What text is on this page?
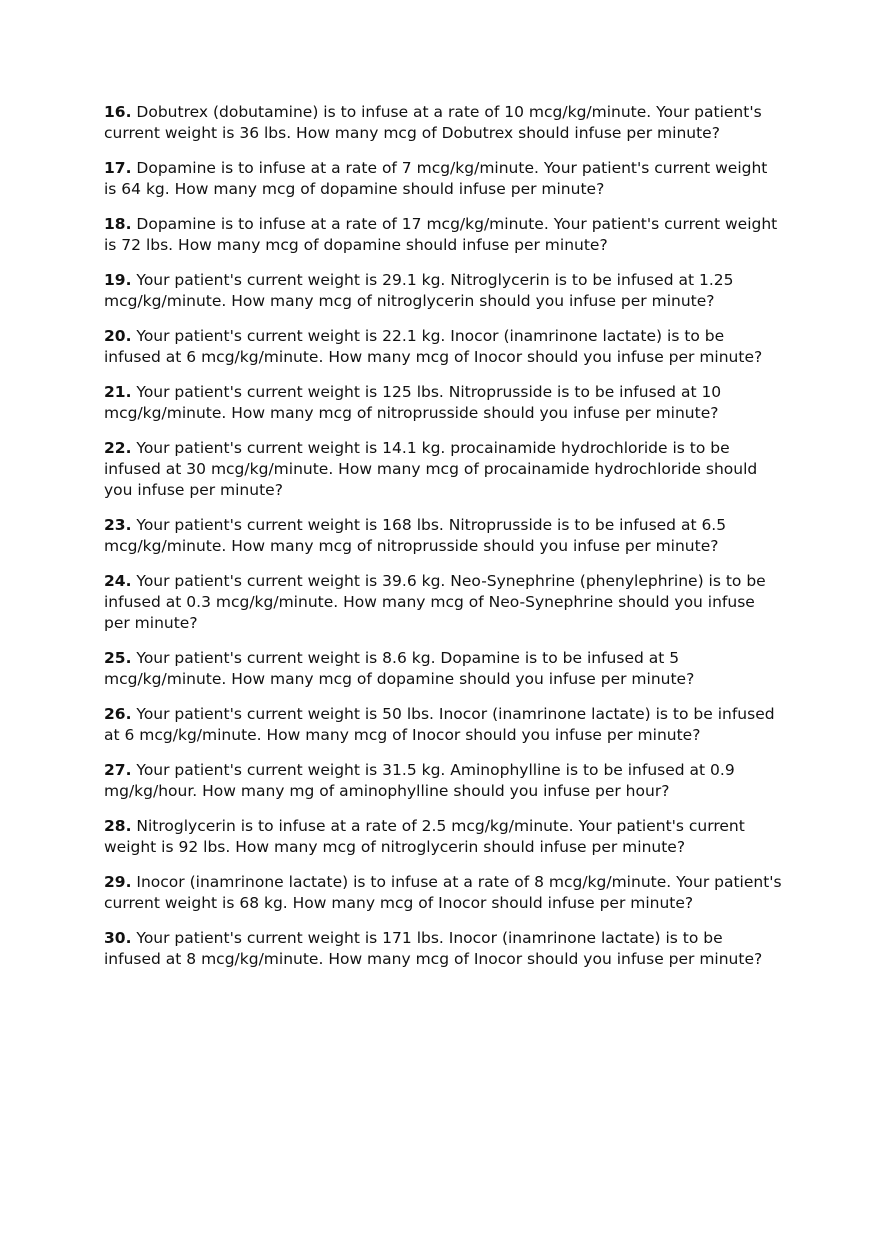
16. Dobutrex (dobutamine) is to infuse at a rate of 10 mcg/kg/minute. Your patient's current weight is 36 lbs. How many mcg of Dobutrex should infuse per minute?

17. Dopamine is to infuse at a rate of 7 mcg/kg/minute. Your patient's current weight is 64 kg. How many mcg of dopamine should infuse per minute?

18. Dopamine is to infuse at a rate of 17 mcg/kg/minute. Your patient's current weight is 72 lbs. How many mcg of dopamine should infuse per minute?

19. Your patient's current weight is 29.1 kg. Nitroglycerin is to be infused at 1.25 mcg/kg/minute. How many mcg of nitroglycerin should you infuse per minute?

20. Your patient's current weight is 22.1 kg. Inocor (inamrinone lactate) is to be infused at 6 mcg/kg/minute. How many mcg of Inocor should you infuse per minute?

21. Your patient's current weight is 125 lbs. Nitroprusside is to be infused at 10 mcg/kg/minute. How many mcg of nitroprusside should you infuse per minute?

22. Your patient's current weight is 14.1 kg. procainamide hydrochloride is to be infused at 30 mcg/kg/minute. How many mcg of procainamide hydrochloride should you infuse per minute?

23. Your patient's current weight is 168 lbs. Nitroprusside is to be infused at 6.5 mcg/kg/minute. How many mcg of nitroprusside should you infuse per minute?

24. Your patient's current weight is 39.6 kg. Neo-Synephrine (phenylephrine) is to be infused at 0.3 mcg/kg/minute. How many mcg of Neo-Synephrine should you infuse per minute?

25. Your patient's current weight is 8.6 kg. Dopamine is to be infused at 5 mcg/kg/minute. How many mcg of dopamine should you infuse per minute?

26. Your patient's current weight is 50 lbs. Inocor (inamrinone lactate) is to be infused at 6 mcg/kg/minute. How many mcg of Inocor should you infuse per minute?

27. Your patient's current weight is 31.5 kg. Aminophylline is to be infused at 0.9 mg/kg/hour. How many mg of aminophylline should you infuse per hour?

28. Nitroglycerin is to infuse at a rate of 2.5 mcg/kg/minute. Your patient's current weight is 92 lbs. How many mcg of nitroglycerin should infuse per minute?

29. Inocor (inamrinone lactate) is to infuse at a rate of 8 mcg/kg/minute. Your patient's current weight is 68 kg. How many mcg of Inocor should infuse per minute?

30. Your patient's current weight is 171 lbs. Inocor (inamrinone lactate) is to be infused at 8 mcg/kg/minute. How many mcg of Inocor should you infuse per minute?
